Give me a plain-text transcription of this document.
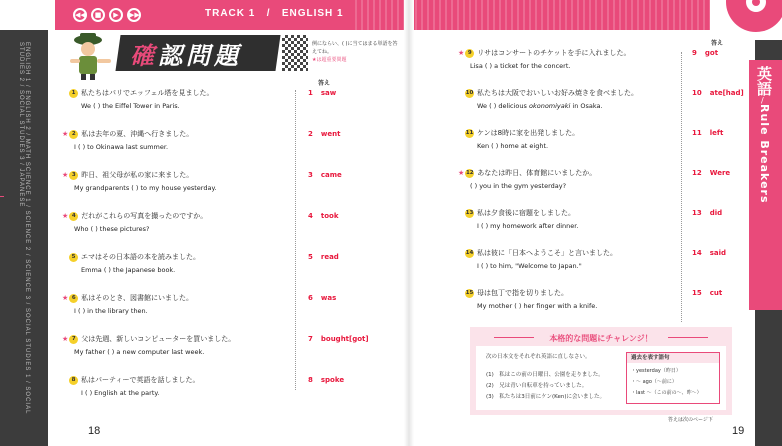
◀◀	■	▶	▶▶	TRACK 1 / ENGLISH 1
ENGLISH 1 / ENGLISH 2 / MATH SCIENCE 1 / SCIENCE 2 / SCIENCE 3 / SOCIAL STUDIES 1 / SOCIAL STUDIES 2 / SOCIAL STUDIES 3 / JAPANESE	英語
/
Rule Breakers
確認問題	例にならい、( )に当てはまる単語を答えてね。
★は超重要問題
答え
答え
1 私たちはパリでエッフェル塔を見ました。
We ( ) the Eiffel Tower in Paris.
1 saw
★ 2 私は去年の夏、沖縄へ行きました。
I ( ) to Okinawa last summer.
2 went
★ 3 昨日、祖父母が私の家に来ました。
My grandparents ( ) to my house yesterday.
3 came
★ 4 だれがこれらの写真を撮ったのですか。
Who ( ) these pictures?
4 took
5 エマはその日本語の本を読みました。
Emma ( ) the Japanese book.
5 read
★ 6 私はそのとき、図書館にいました。
I ( ) in the library then.
6 was
★ 7 父は先週、新しいコンピューターを買いました。
My father ( ) a new computer last week.
7 bought[got]
8 私はパーティーで英語を話しました。
I ( ) English at the party.
8 spoke
★ 9 リサはコンサートのチケットを手に入れました。
Lisa ( ) a ticket for the concert.
9 got
10 私たちは大阪でおいしいお好み焼きを食べました。
We ( ) delicious okonomiyaki in Osaka.
10 ate[had]
11 ケンは8時に家を出発しました。
Ken ( ) home at eight.
11 left
★ 12 あなたは昨日、体育館にいましたか。
( ) you in the gym yesterday?
12 Were
13 私は夕食後に宿題をしました。
I ( ) my homework after dinner.
13 did
14 私は彼に「日本へようこそ」と言いました。
I ( ) to him, "Welcome to Japan."
14 said
15 母は包丁で指を切りました。
My mother ( ) her finger with a knife.
15 cut
本格的な問題にチャレンジ！
次の日本文をそれぞれ英語に直しなさい。
(1)　私はこの前の日曜日、公園を走りました。
(2)　兄は青い自転車を持っていました。
(3)　私たちは3日前にケン(Ken)に会いました。
過去を表す語句
・yesterday（昨日）
・〜 ago（〜前に）
・last 〜（この前の〜、昨〜）
答えは次のページ下
18	19
